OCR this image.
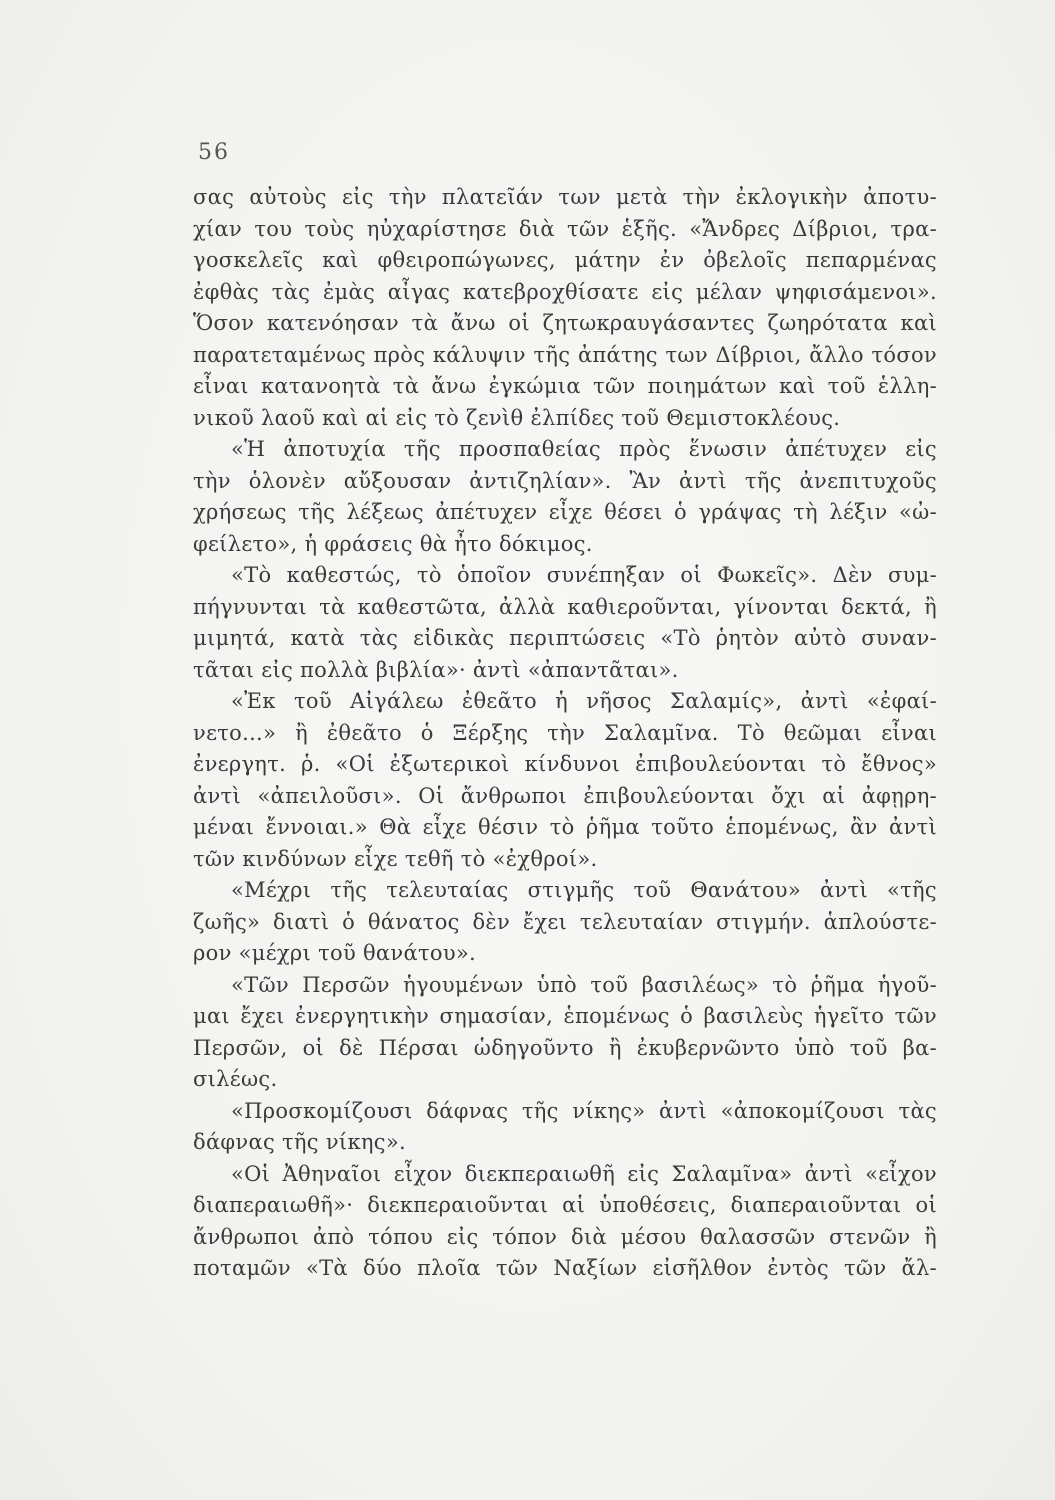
56
σας αὐτοὺς εἰς τὴν πλατεῖάν των μετὰ τὴν ἐκλογικὴν ἀποτυ-
χίαν του τοὺς ηὐχαρίστησε διὰ τῶν ἑξῆς. «Ἄνδρες Δίβριοι, τρα-
γοσκελεῖς καὶ φθειροπώγωνες, μάτην ἐν ὀβελοῖς πεπαρμένας
ἐφθὰς τὰς ἐμὰς αἶγας κατεβροχθίσατε εἰς μέλαν ψηφισάμενοι».
Ὅσον κατενόησαν τὰ ἄνω οἱ ζητωκραυγάσαντες ζωηρότατα καὶ
παρατεταμένως πρὸς κάλυψιν τῆς ἀπάτης των Δίβριοι, ἄλλο τόσον
εἶναι κατανοητὰ τὰ ἄνω ἐγκώμια τῶν ποιημάτων καὶ τοῦ ἑλλη-
νικοῦ λαοῦ καὶ αἱ εἰς τὸ ζενὶθ ἐλπίδες τοῦ Θεμιστοκλέους.
«Ἡ ἀποτυχία τῆς προσπαθείας πρὸς ἕνωσιν ἀπέτυχεν εἰς
τὴν ὁλονὲν αὔξουσαν ἀντιζηλίαν». Ἂν ἀντὶ τῆς ἀνεπιτυχοῦς
χρήσεως τῆς λέξεως ἀπέτυχεν εἶχε θέσει ὁ γράψας τὴ λέξιν «ὠ-
φείλετο», ἡ φράσεις θὰ ἦτο δόκιμος.
«Τὸ καθεστώς, τὸ ὁποῖον συνέπηξαν οἱ Φωκεῖς». Δὲν συμ-
πήγνυνται τὰ καθεστῶτα, ἀλλὰ καθιεροῦνται, γίνονται δεκτά, ἢ
μιμητά, κατὰ τὰς εἰδικὰς περιπτώσεις «Τὸ ῥητὸν αὐτὸ συναν-
τᾶται εἰς πολλὰ βιβλία»· ἀντὶ «ἀπαντᾶται».
«Ἐκ τοῦ Αἰγάλεω ἐθεᾶτο ἡ νῆσος Σαλαμίς», ἀντὶ «ἐφαί-
νετο...» ἢ ἐθεᾶτο ὁ Ξέρξης τὴν Σαλαμῖνα. Τὸ θεῶμαι εἶναι
ἐνεργητ. ῥ. «Οἱ ἐξωτερικοὶ κίνδυνοι ἐπιβουλεύονται τὸ ἔθνος»
ἀντὶ «ἀπειλοῦσι». Οἱ ἄνθρωποι ἐπιβουλεύονται ὄχι αἱ ἀφῃρη-
μέναι ἔννοιαι.» Θὰ εἶχε θέσιν τὸ ῥῆμα τοῦτο ἑπομένως, ἂν ἀντὶ
τῶν κινδύνων εἶχε τεθῆ τὸ «ἐχθροί».
«Μέχρι τῆς τελευταίας στιγμῆς τοῦ Θανάτου» ἀντὶ «τῆς
ζωῆς» διατὶ ὁ θάνατος δὲν ἔχει τελευταίαν στιγμήν. ἁπλούστε-
ρον «μέχρι τοῦ θανάτου».
«Τῶν Περσῶν ἡγουμένων ὑπὸ τοῦ βασιλέως» τὸ ῥῆμα ἡγοῦ-
μαι ἔχει ἐνεργητικὴν σημασίαν, ἑπομένως ὁ βασιλεὺς ἡγεῖτο τῶν
Περσῶν, οἱ δὲ Πέρσαι ὡδηγοῦντο ἢ ἐκυβερνῶντο ὑπὸ τοῦ βα-
σιλέως.
«Προσκομίζουσι δάφνας τῆς νίκης» ἀντὶ «ἀποκομίζουσι τὰς
δάφνας τῆς νίκης».
«Οἱ Ἀθηναῖοι εἶχον διεκπεραιωθῆ εἰς Σαλαμῖνα» ἀντὶ «εἶχον
διαπεραιωθῆ»· διεκπεραιοῦνται αἱ ὑποθέσεις, διαπεραιοῦνται οἱ
ἄνθρωποι ἀπὸ τόπου εἰς τόπον διὰ μέσου θαλασσῶν στενῶν ἢ
ποταμῶν «Τὰ δύο πλοῖα τῶν Ναξίων εἰσῆλθον ἐντὸς τῶν ἄλ-
